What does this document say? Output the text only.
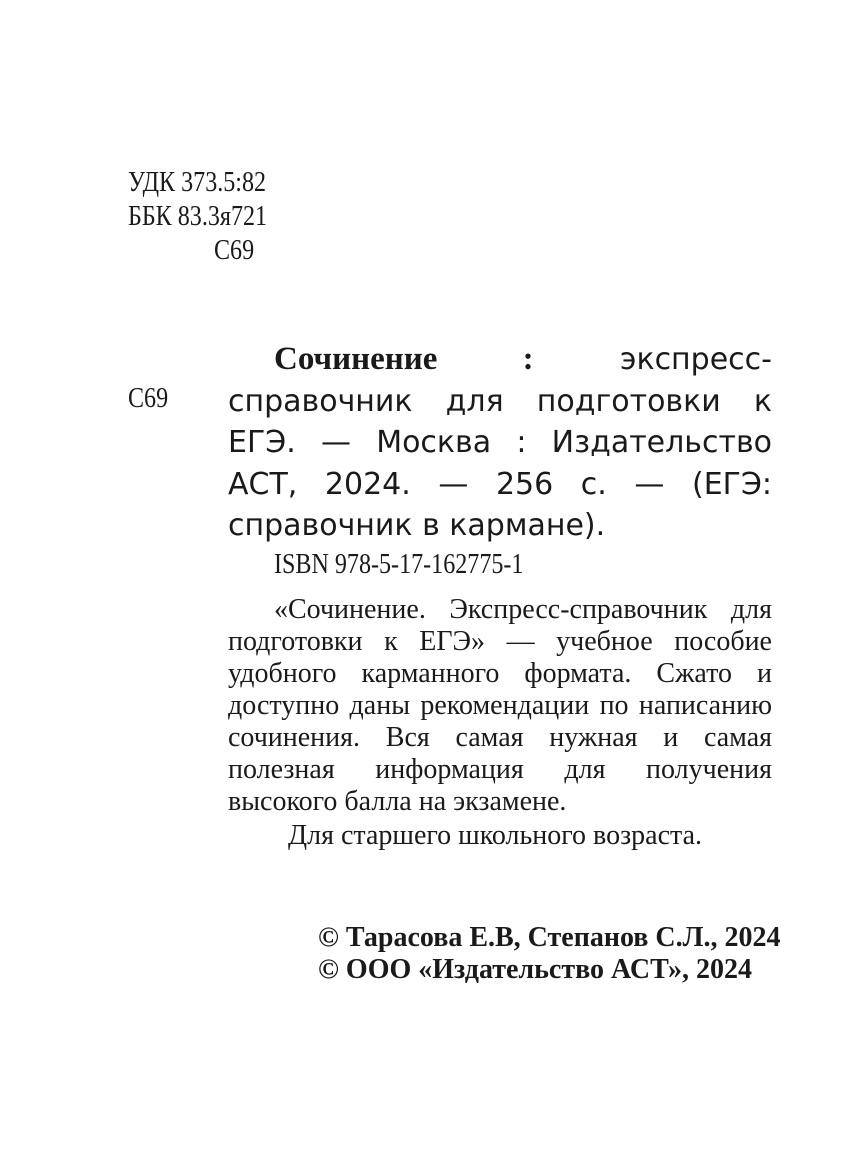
УДК 373.5:82
ББК 83.3я721
С69
С69
Сочинение : экспресс-справочник для подготовки к ЕГЭ. — Москва : Издательство АСТ, 2024. — 256 с. — (ЕГЭ: справочник в кармане).
ISBN 978-5-17-162775-1
«Сочинение. Экспресс-справочник для подготовки к ЕГЭ» — учебное пособие удобного карманного формата. Сжато и доступно даны рекомендации по написанию сочинения. Вся самая нужная и самая полезная информация для получения высокого балла на экзамене.
Для старшего школьного возраста.
© Тарасова Е.В, Степанов С.Л., 2024
© ООО «Издательство АСТ», 2024
